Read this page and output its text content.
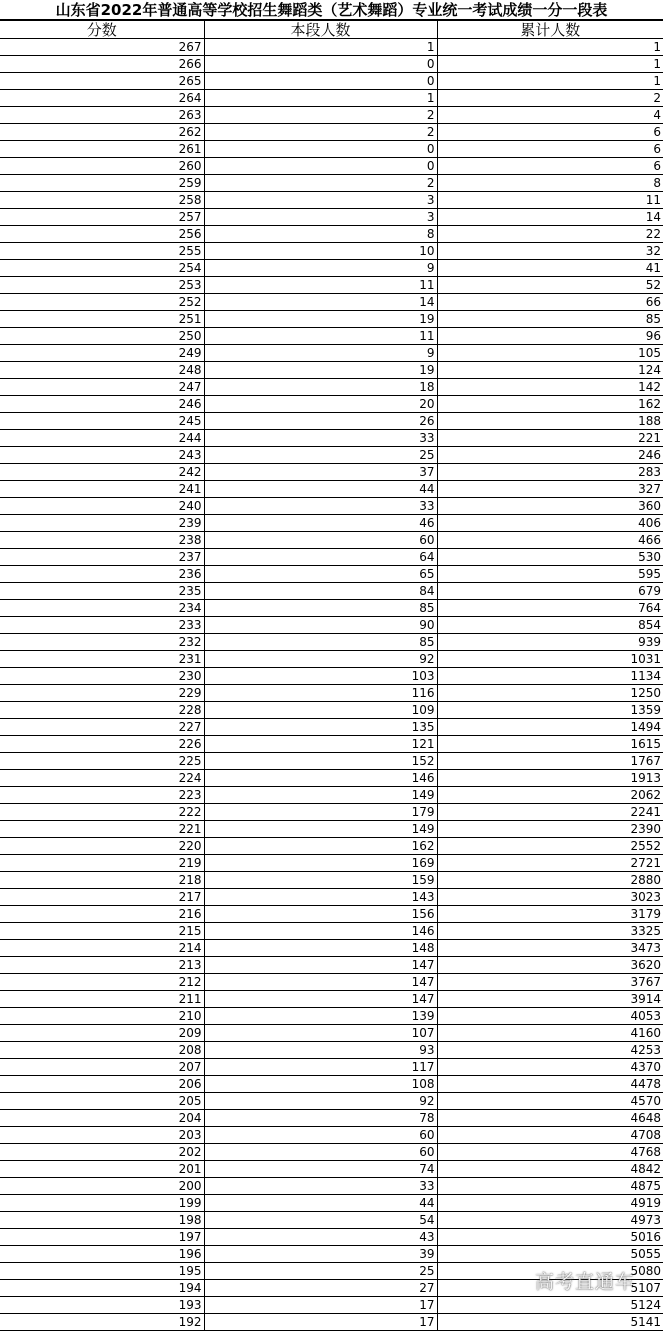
山东省2022年普通高等学校招生舞蹈类（艺术舞蹈）专业统一考试成绩一分一段表
分数	本段人数	累计人数
267	1	1
266	0	1
265	0	1
264	1	2
263	2	4
262	2	6
261	0	6
260	0	6
259	2	8
258	3	11
257	3	14
256	8	22
255	10	32
254	9	41
253	11	52
252	14	66
251	19	85
250	11	96
249	9	105
248	19	124
247	18	142
246	20	162
245	26	188
244	33	221
243	25	246
242	37	283
241	44	327
240	33	360
239	46	406
238	60	466
237	64	530
236	65	595
235	84	679
234	85	764
233	90	854
232	85	939
231	92	1031
230	103	1134
229	116	1250
228	109	1359
227	135	1494
226	121	1615
225	152	1767
224	146	1913
223	149	2062
222	179	2241
221	149	2390
220	162	2552
219	169	2721
218	159	2880
217	143	3023
216	156	3179
215	146	3325
214	148	3473
213	147	3620
212	147	3767
211	147	3914
210	139	4053
209	107	4160
208	93	4253
207	117	4370
206	108	4478
205	92	4570
204	78	4648
203	60	4708
202	60	4768
201	74	4842
200	33	4875
199	44	4919
198	54	4973
197	43	5016
196	39	5055
195	25	5080
194	27	5107
193	17	5124
192	17	5141
高考直通车
